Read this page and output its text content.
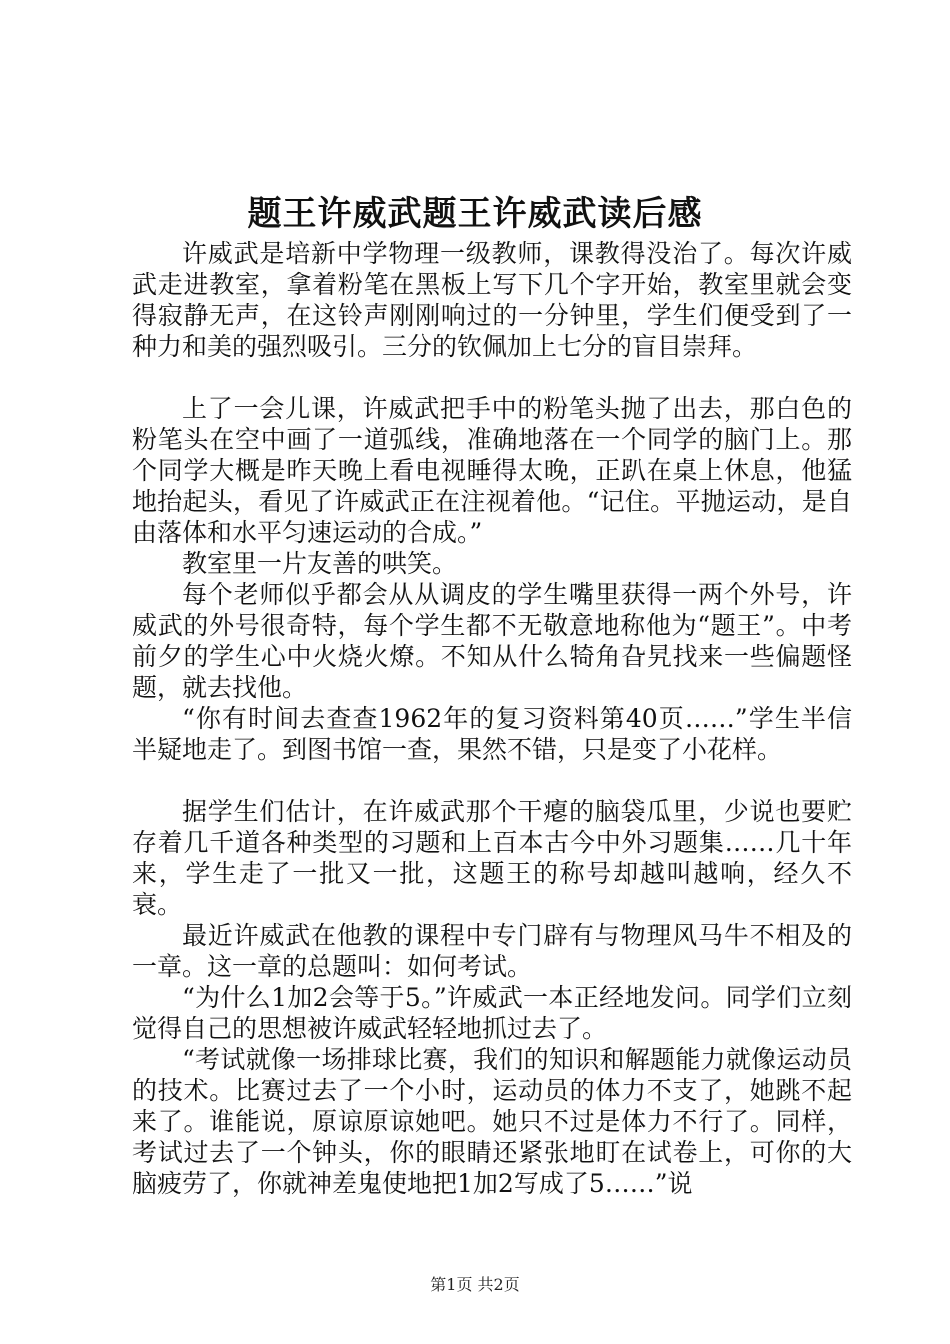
题王许威武题王许威武读后感

许威武是培新中学物理一级教师，课教得没治了。每次许威武走进教室，拿着粉笔在黑板上写下几个字开始，教室里就会变得寂静无声，在这铃声刚刚响过的一分钟里，学生们便受到了一种力和美的强烈吸引。三分的钦佩加上七分的盲目崇拜。

上了一会儿课，许威武把手中的粉笔头抛了出去，那白色的粉笔头在空中画了一道弧线，准确地落在一个同学的脑门上。那个同学大概是昨天晚上看电视睡得太晚，正趴在桌上休息，他猛地抬起头，看见了许威武正在注视着他。“记住。平抛运动，是自由落体和水平匀速运动的合成。”

教室里一片友善的哄笑。

每个老师似乎都会从从调皮的学生嘴里获得一两个外号，许威武的外号很奇特，每个学生都不无敬意地称他为“题王”。中考前夕的学生心中火烧火燎。不知从什么犄角旮旯找来一些偏题怪题，就去找他。

“你有时间去查查1962年的复习资料第40页……”学生半信半疑地走了。到图书馆一查，果然不错，只是变了小花样。

据学生们估计，在许威武那个干瘪的脑袋瓜里，少说也要贮存着几千道各种类型的习题和上百本古今中外习题集……几十年来，学生走了一批又一批，这题王的称号却越叫越响，经久不衰。

最近许威武在他教的课程中专门辟有与物理风马牛不相及的一章。这一章的总题叫：如何考试。

“为什么1加2会等于5。”许威武一本正经地发问。同学们立刻觉得自己的思想被许威武轻轻地抓过去了。

“考试就像一场排球比赛，我们的知识和解题能力就像运动员的技术。比赛过去了一个小时，运动员的体力不支了，她跳不起来了。谁能说，原谅原谅她吧。她只不过是体力不行了。同样，考试过去了一个钟头，你的眼睛还紧张地盯在试卷上，可你的大脑疲劳了，你就神差鬼使地把1加2写成了5……”说

第1页 共2页
